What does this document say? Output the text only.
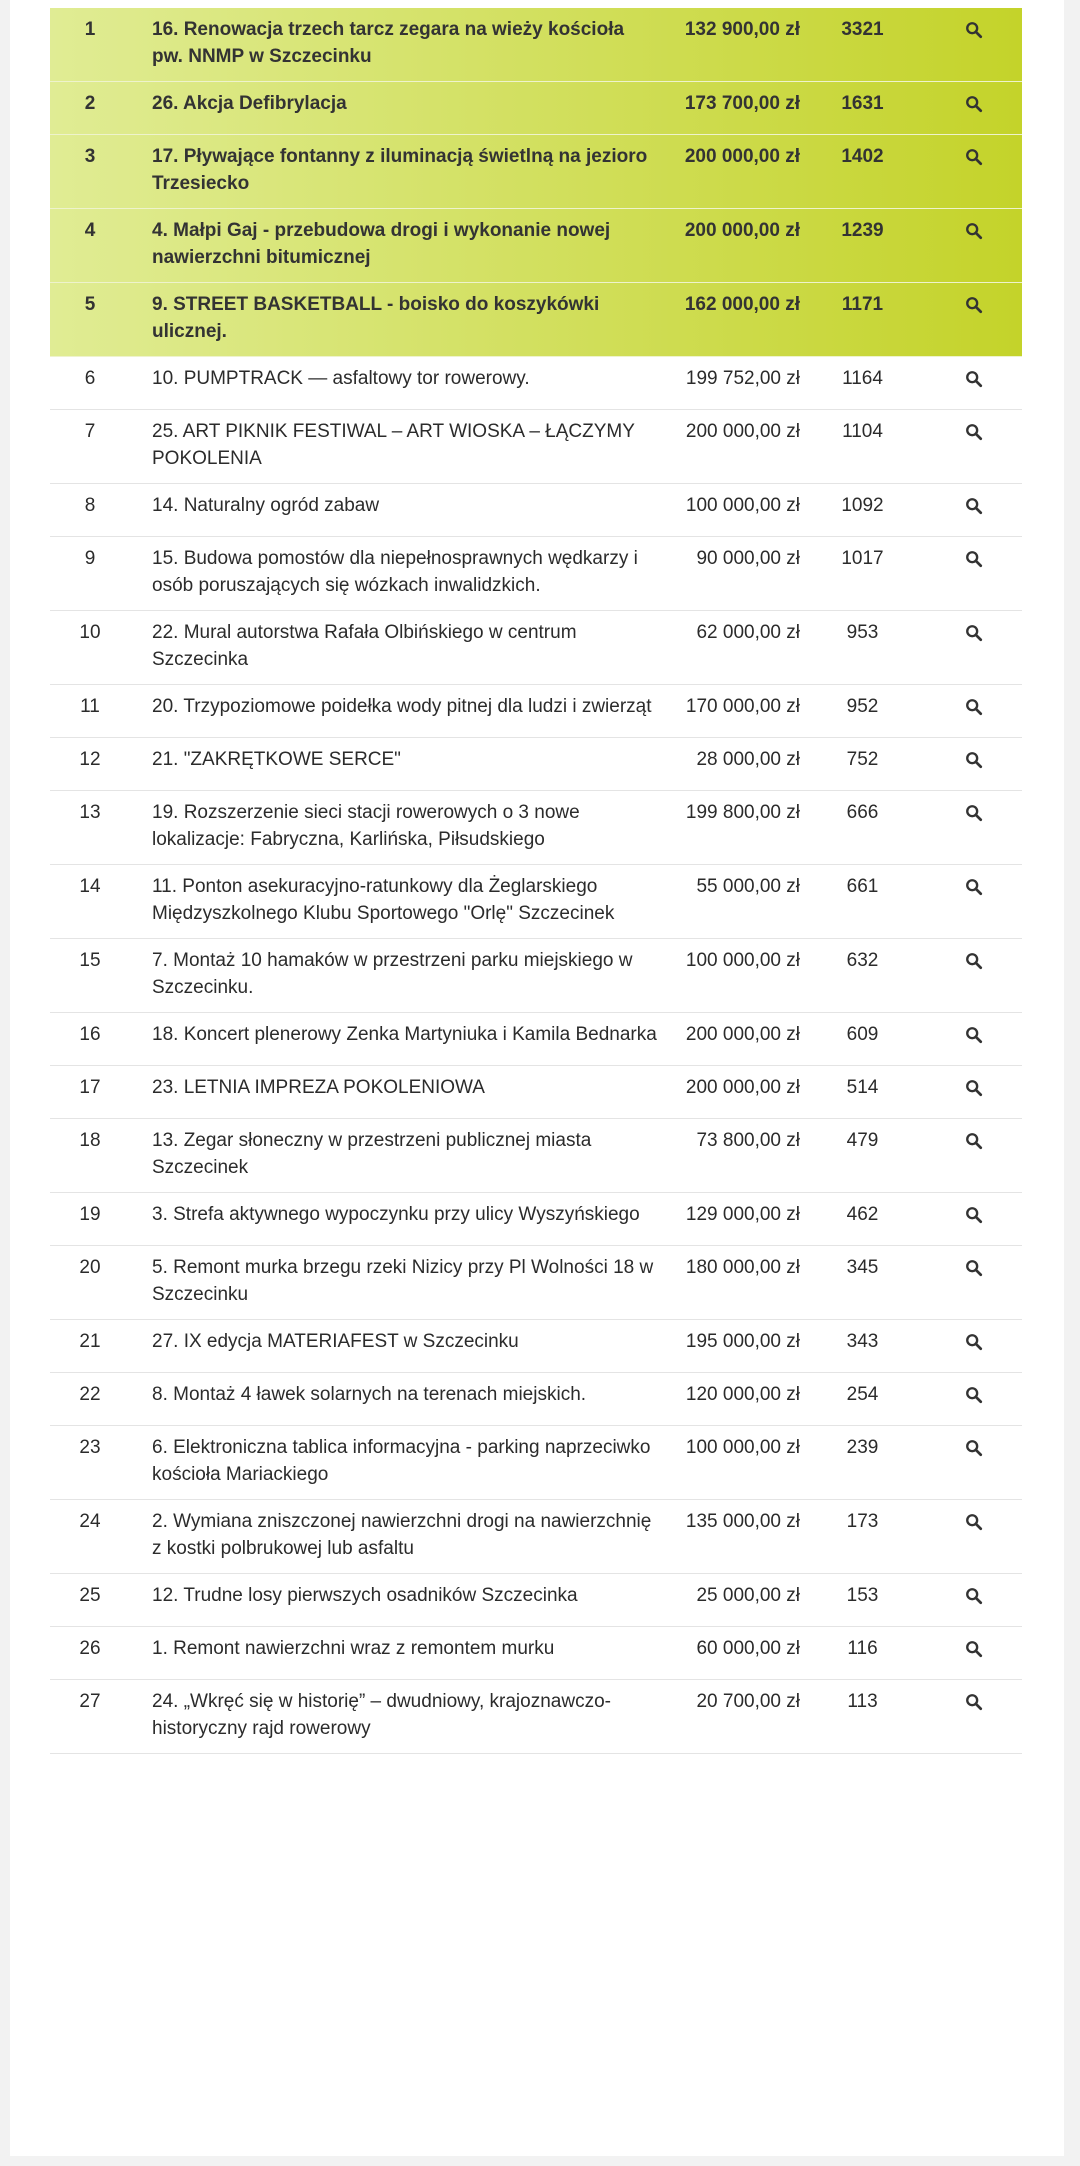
1	16. Renowacja trzech tarcz zegara na wieży kościoła pw. NNMP w Szczecinku	132 900,00 zł	3321	

2	26. Akcja Defibrylacja	173 700,00 zł	1631	

3	17. Pływające fontanny z iluminacją świetlną na jezioro Trzesiecko	200 000,00 zł	1402	

4	4. Małpi Gaj - przebudowa drogi i wykonanie nowej nawierzchni bitumicznej	200 000,00 zł	1239	

5	9. STREET BASKETBALL - boisko do koszykówki ulicznej.	162 000,00 zł	1171	

6	10. PUMPTRACK — asfaltowy tor rowerowy.	199 752,00 zł	1164	

7	25. ART PIKNIK FESTIWAL – ART WIOSKA – ŁĄCZYMY POKOLENIA	200 000,00 zł	1104	

8	14. Naturalny ogród zabaw	100 000,00 zł	1092	

9	15. Budowa pomostów dla niepełnosprawnych wędkarzy i osób poruszających się wózkach inwalidzkich.	90 000,00 zł	1017	

10	22. Mural autorstwa Rafała Olbińskiego w centrum Szczecinka	62 000,00 zł	953	

11	20. Trzypoziomowe poidełka wody pitnej dla ludzi i zwierząt	170 000,00 zł	952	

12	21. "ZAKRĘTKOWE SERCE"	28 000,00 zł	752	

13	19. Rozszerzenie sieci stacji rowerowych o 3 nowe lokalizacje: Fabryczna, Karlińska, Piłsudskiego	199 800,00 zł	666	

14	11. Ponton asekuracyjno-ratunkowy dla Żeglarskiego Międzyszkolnego Klubu Sportowego "Orlę" Szczecinek	55 000,00 zł	661	

15	7. Montaż 10 hamaków w przestrzeni parku miejskiego w Szczecinku.	100 000,00 zł	632	

16	18. Koncert plenerowy Zenka Martyniuka i Kamila Bednarka	200 000,00 zł	609	

17	23. LETNIA IMPREZA POKOLENIOWA	200 000,00 zł	514	

18	13. Zegar słoneczny w przestrzeni publicznej miasta Szczecinek	73 800,00 zł	479	

19	3. Strefa aktywnego wypoczynku przy ulicy Wyszyńskiego	129 000,00 zł	462	

20	5. Remont murka brzegu rzeki Nizicy przy Pl Wolności 18 w Szczecinku	180 000,00 zł	345	

21	27. IX edycja MATERIAFEST w Szczecinku	195 000,00 zł	343	

22	8. Montaż 4 ławek solarnych na terenach miejskich.	120 000,00 zł	254	

23	6. Elektroniczna tablica informacyjna - parking naprzeciwko kościoła Mariackiego	100 000,00 zł	239	

24	2. Wymiana zniszczonej nawierzchni drogi na nawierzchnię z kostki polbrukowej lub asfaltu	135 000,00 zł	173	

25	12. Trudne losy pierwszych osadników Szczecinka	25 000,00 zł	153	

26	1. Remont nawierzchni wraz z remontem murku	60 000,00 zł	116	

27	24. „Wkręć się w historię” – dwudniowy, krajoznawczo-historyczny rajd rowerowy	20 700,00 zł	113	
